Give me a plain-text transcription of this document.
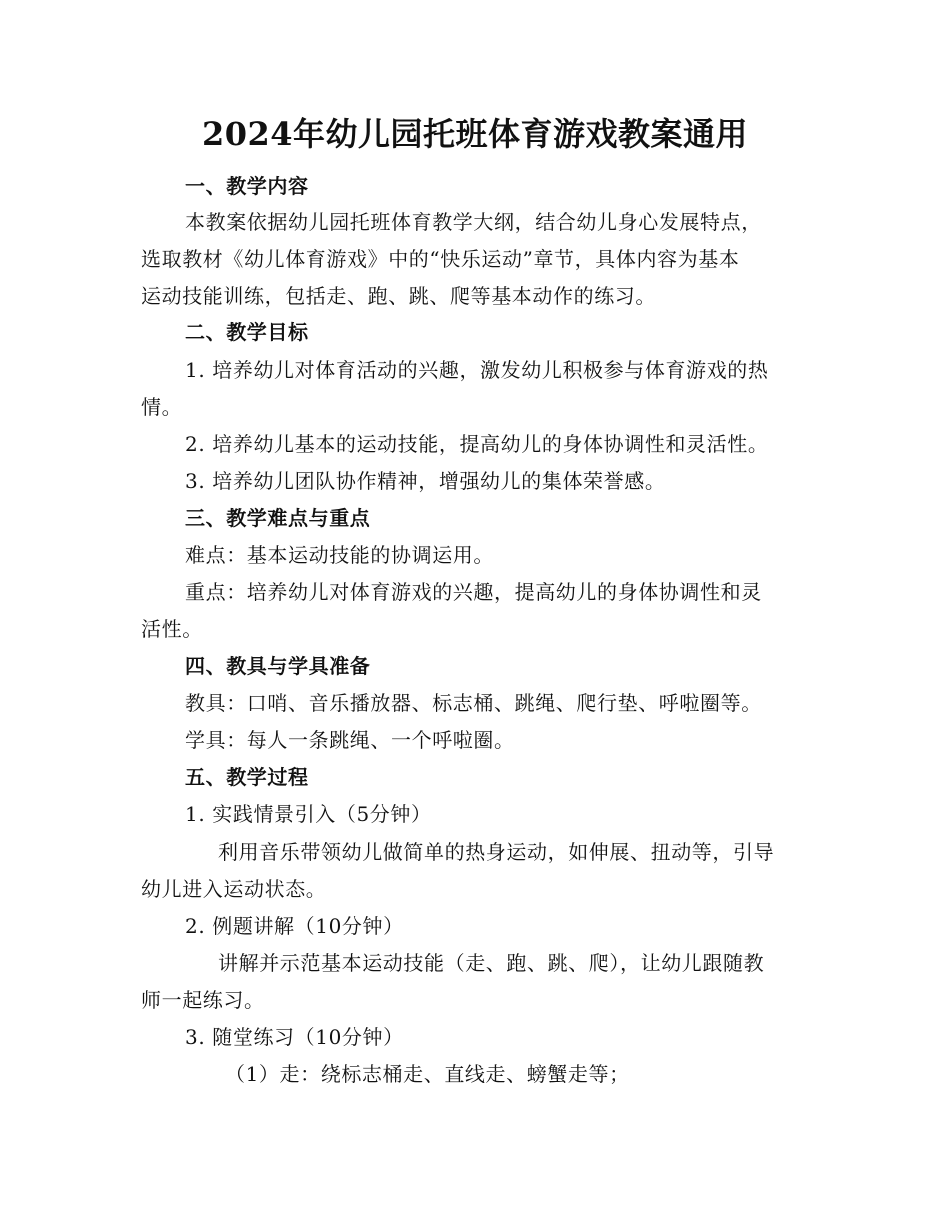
2024年幼儿园托班体育游戏教案通用
一、教学内容
本教案依据幼儿园托班体育教学大纲，结合幼儿身心发展特点，
选取教材《幼儿体育游戏》中的“快乐运动”章节，具体内容为基本
运动技能训练，包括走、跑、跳、爬等基本动作的练习。
二、教学目标
1. 培养幼儿对体育活动的兴趣，激发幼儿积极参与体育游戏的热
情。
2. 培养幼儿基本的运动技能，提高幼儿的身体协调性和灵活性。
3. 培养幼儿团队协作精神，增强幼儿的集体荣誉感。
三、教学难点与重点
难点：基本运动技能的协调运用。
重点：培养幼儿对体育游戏的兴趣，提高幼儿的身体协调性和灵
活性。
四、教具与学具准备
教具：口哨、音乐播放器、标志桶、跳绳、爬行垫、呼啦圈等。
学具：每人一条跳绳、一个呼啦圈。
五、教学过程
1. 实践情景引入（5分钟）
利用音乐带领幼儿做简单的热身运动，如伸展、扭动等，引导
幼儿进入运动状态。
2. 例题讲解（10分钟）
讲解并示范基本运动技能（走、跑、跳、爬），让幼儿跟随教
师一起练习。
3. 随堂练习（10分钟）
（1）走：绕标志桶走、直线走、螃蟹走等；
